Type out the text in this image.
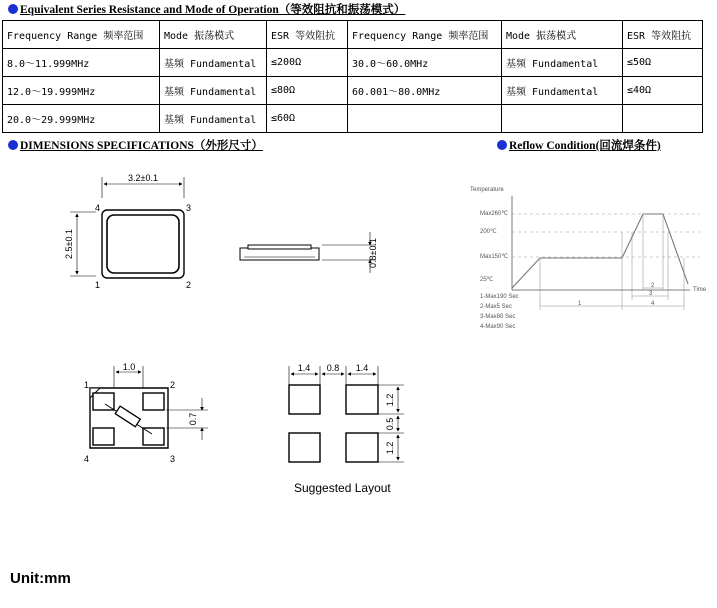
Equivalent Series Resistance and Mode of Operation（等效阻抗和振荡模式）
Frequency Range 频率范围	Mode 振荡模式	ESR 等效阻抗	Frequency Range 频率范围	Mode 振荡模式	ESR 等效阻抗
8.0～11.999MHz	基频 Fundamental	≤200Ω	30.0～60.0MHz	基频 Fundamental	≤50Ω
12.0～19.999MHz	基频 Fundamental	≤80Ω	60.001～80.0MHz	基频 Fundamental	≤40Ω
20.0～29.999MHz	基频 Fundamental	≤60Ω			
DIMENSIONS SPECIFICATIONS（外形尺寸）	Reflow Condition(回流焊条件)
3.2±0.1
2.5±0.1
4	3
1	2
0.8±0.1
1.0
0.7
1	2
3
4
1.4 0.8 1.4
1.2
0.5
1.2
Temperature
Max260℃
200℃
Max150℃
25℃
Time
2
3
1	4
1-Max190 Sec
2-Max5 Sec
3-Max80 Sec
4-Max90 Sec
Suggested Layout
Unit:mm
